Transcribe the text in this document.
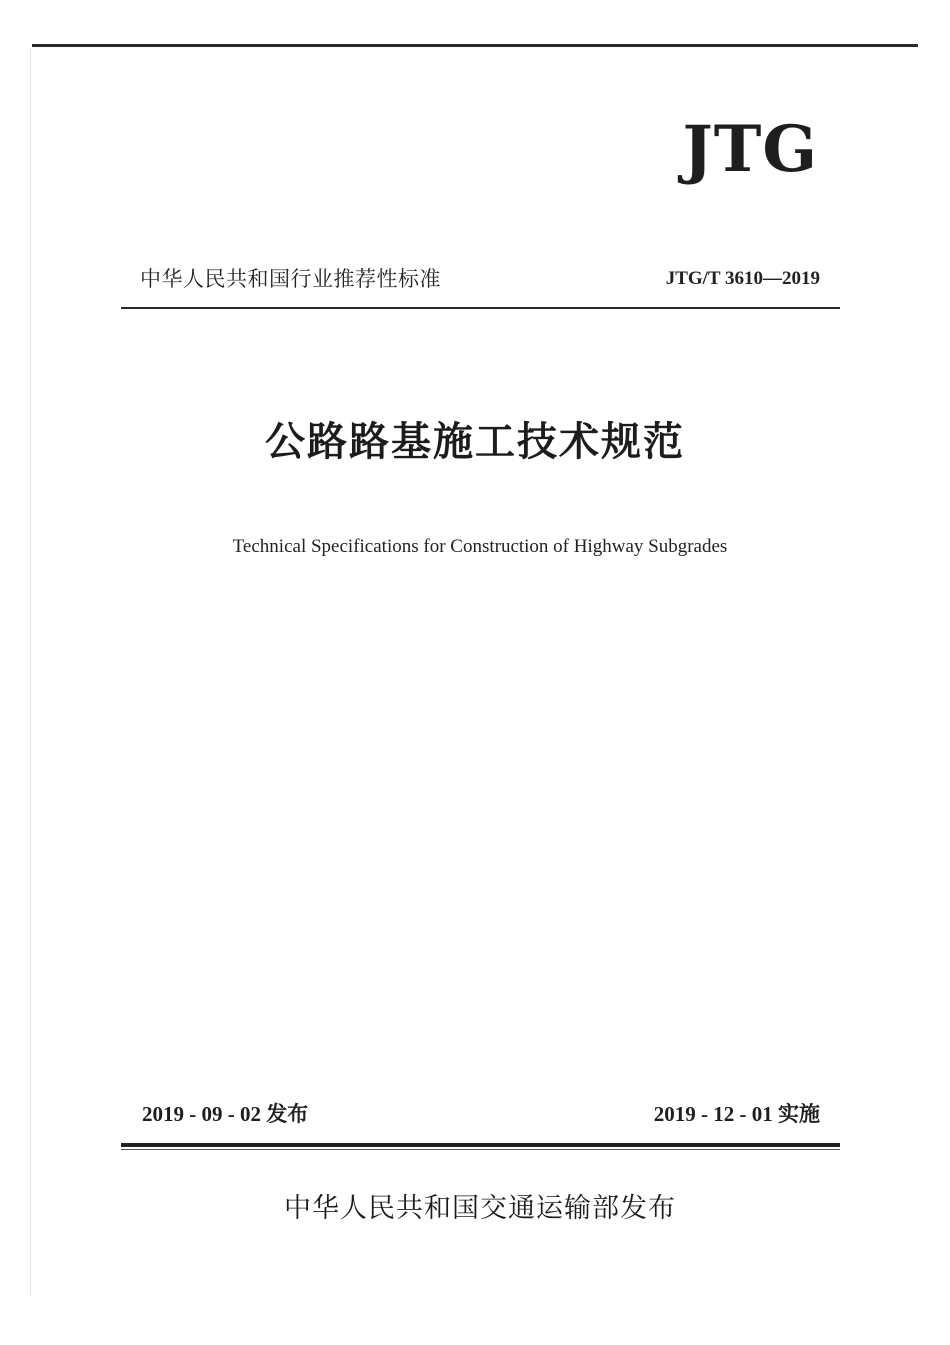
JTG
中华人民共和国行业推荐性标准	JTG/T 3610—2019
公路路基施工技术规范
Technical Specifications for Construction of Highway Subgrades
2019 - 09 - 02 发布	2019 - 12 - 01 实施
中华人民共和国交通运输部发布
